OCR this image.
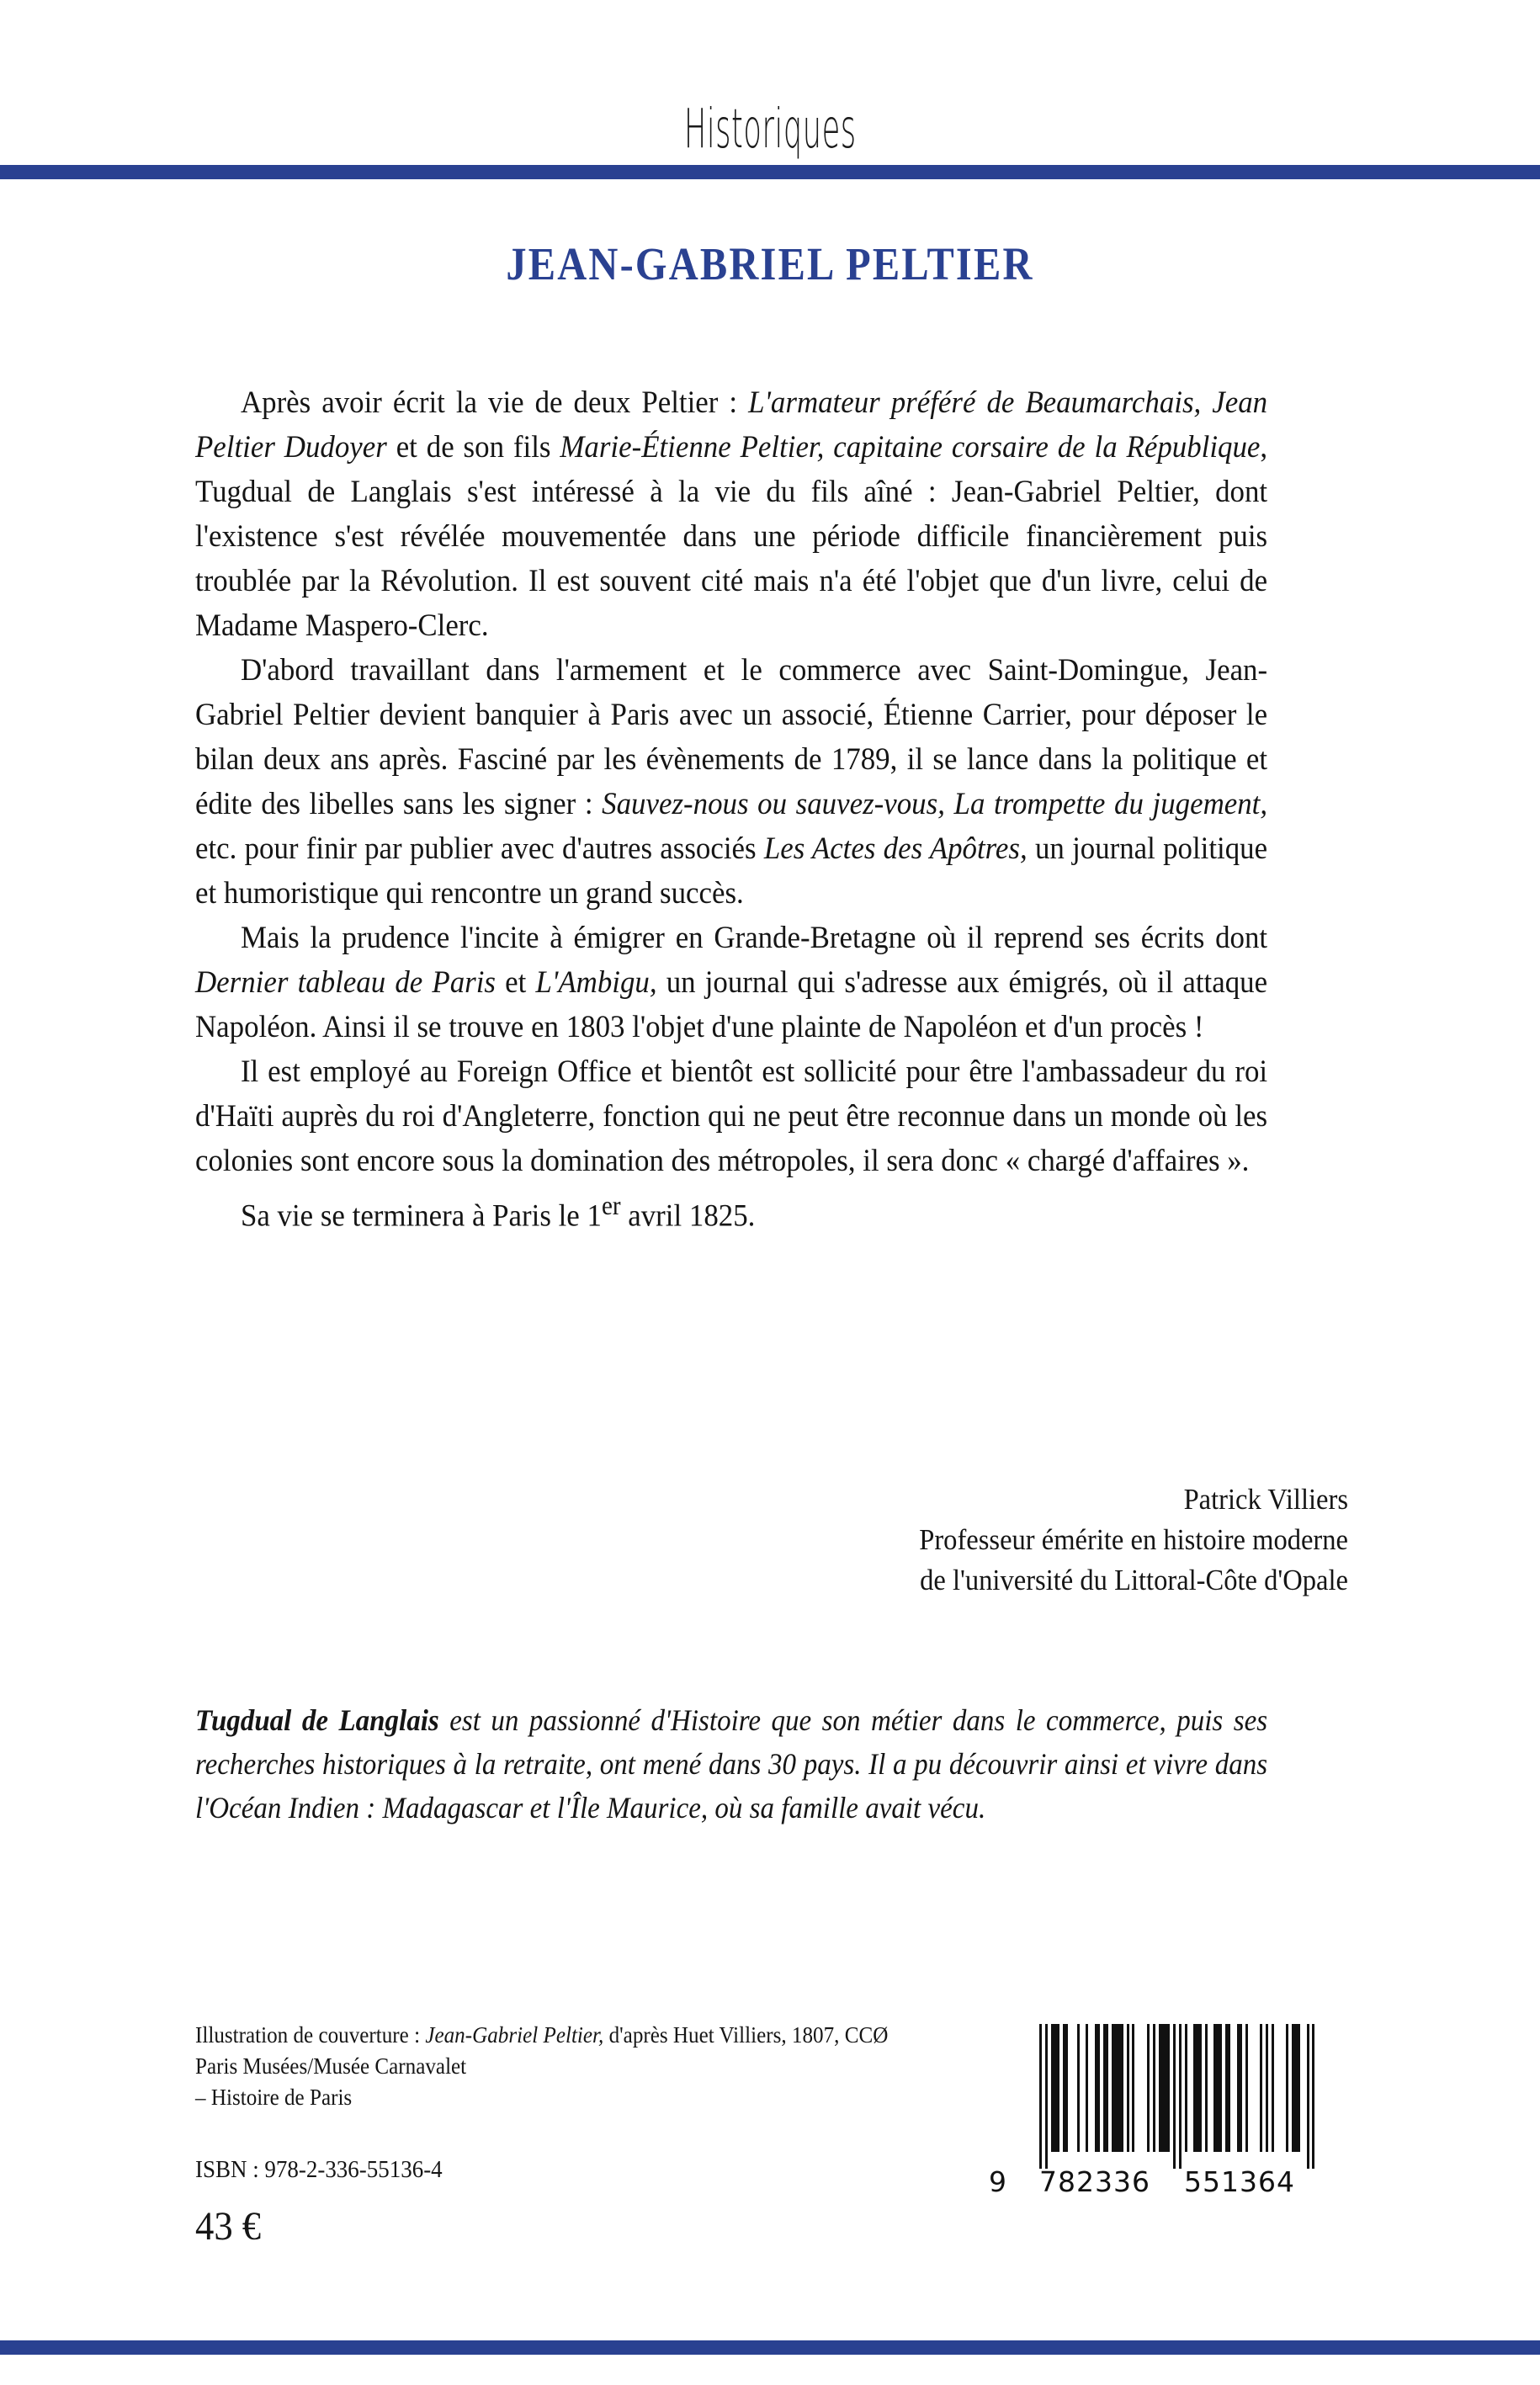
Historiques
JEAN-GABRIEL PELTIER

Après avoir écrit la vie de deux Peltier : L'armateur préféré de Beaumarchais, Jean Peltier Dudoyer et de son fils Marie-Étienne Peltier, capitaine corsaire de la République, Tugdual de Langlais s'est intéressé à la vie du fils aîné : Jean-Gabriel Peltier, dont l'existence s'est révélée mouvementée dans une période difficile financièrement puis troublée par la Révolution. Il est souvent cité mais n'a été l'objet que d'un livre, celui de Madame Maspero-Clerc.

D'abord travaillant dans l'armement et le commerce avec Saint-Domingue, Jean-Gabriel Peltier devient banquier à Paris avec un associé, Étienne Carrier, pour déposer le bilan deux ans après. Fasciné par les évènements de 1789, il se lance dans la politique et édite des libelles sans les signer : Sauvez-nous ou sauvez-vous, La trompette du jugement, etc. pour finir par publier avec d'autres associés Les Actes des Apôtres, un journal politique et humoristique qui rencontre un grand succès.

Mais la prudence l'incite à émigrer en Grande-Bretagne où il reprend ses écrits dont Dernier tableau de Paris et L'Ambigu, un journal qui s'adresse aux émigrés, où il attaque Napoléon. Ainsi il se trouve en 1803 l'objet d'une plainte de Napoléon et d'un procès !

Il est employé au Foreign Office et bientôt est sollicité pour être l'ambassadeur du roi d'Haïti auprès du roi d'Angleterre, fonction qui ne peut être reconnue dans un monde où les colonies sont encore sous la domination des métropoles, il sera donc « chargé d'affaires ».

Sa vie se terminera à Paris le 1er avril 1825.

Patrick Villiers
Professeur émérite en histoire moderne
de l'université du Littoral-Côte d'Opale
Tugdual de Langlais est un passionné d'Histoire que son métier dans le commerce, puis ses recherches historiques à la retraite, ont mené dans 30 pays. Il a pu découvrir ainsi et vivre dans l'Océan Indien : Madagascar et l'Île Maurice, où sa famille avait vécu.
Illustration de couverture : Jean-Gabriel Peltier, d'après Huet Villiers, 1807, CCØ Paris Musées/Musée Carnavalet
– Histoire de Paris
ISBN : 978-2-336-55136-4
43 €
9 782336 551364
